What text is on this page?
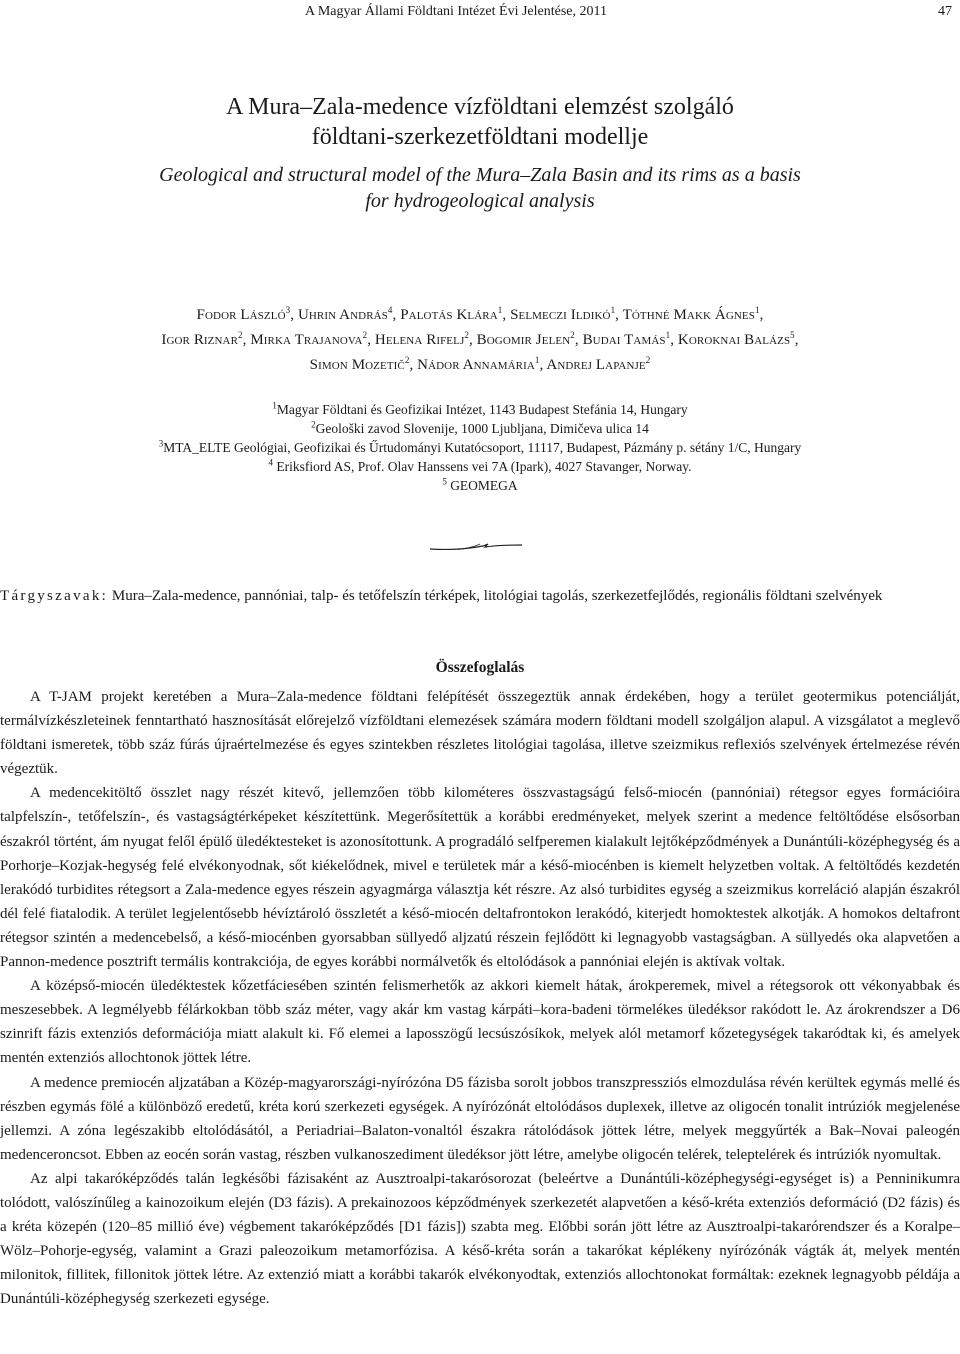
A Magyar Állami Földtani Intézet Évi Jelentése, 2011	47
A Mura–Zala-medence vízföldtani elemzést szolgáló
földtani-szerkezetföldtani modellje
Geological and structural model of the Mura–Zala Basin and its rims as a basis
for hydrogeological analysis
Fodor László$^3$, Uhrin András$^4$, Palotás Klára$^1$, Selmeczi Ildikó$^1$, Tóthné Makk Ágnes$^1$,
Igor Riznar$^2$, Mirka Trajanova$^2$, Helena Rifelj$^2$, Bogomir Jelen$^2$, Budai Tamás$^1$, Koroknai Balázs$^5$,
Simon Mozetič$^2$, Nádor Annamária$^1$, Andrej Lapanje$^2$
$^1$Magyar Földtani és Geofizikai Intézet, 1143 Budapest Stefánia 14, Hungary
$^2$Geološki zavod Slovenije, 1000 Ljubljana, Dimičeva ulica 14
$^3$MTA_ELTE Geológiai, Geofizikai és Űrtudományi Kutatócsoport, 11117, Budapest, Pázmány p. sétány 1/C, Hungary
$^4$ Eriksfiord AS, Prof. Olav Hanssens vei 7A (Ipark), 4027 Stavanger, Norway.
$^5$ GEOMEGA
Tárgyszavak: Mura–Zala-medence, pannóniai, talp- és tetőfelszín térképek, litológiai tagolás, szerkezetfejlődés, regionális földtani szelvények
Összefoglalás

A T-JAM projekt keretében a Mura–Zala-medence földtani felépítését összegeztük annak érdekében, hogy a terület geotermikus potenciálját, termálvízkészleteinek fenntartható hasznosítását előrejelző vízföldtani elemezések számára modern földtani modell szolgáljon alapul. A vizsgálatot a meglevő földtani ismeretek, több száz fúrás újraértelmezése és egyes szintekben részletes litológiai tagolása, illetve szeizmikus reflexiós szelvények értelmezése révén végeztük.

A medencekitöltő összlet nagy részét kitevő, jellemzően több kilométeres összvastagságú felső-miocén (pannóniai) rétegsor egyes formációira talpfelszín-, tetőfelszín-, és vastagságtérképeket készítettünk. Megerősítettük a korábbi eredményeket, melyek szerint a medence feltöltődése elsősorban északról történt, ám nyugat felől épülő üledéktesteket is azonosítottunk. A progradáló selfperemen kialakult lejtőképződmények a Dunántúli-középhegység és a Porhorje–Kozjak-hegység felé elvékonyodnak, sőt kiékelődnek, mivel e területek már a késő-miocénben is kiemelt helyzetben voltak. A feltöltődés kezdetén lerakódó turbidites rétegsort a Zala-medence egyes részein agyagmárga választja két részre. Az alsó turbidites egység a szeizmikus korreláció alapján északról dél felé fiatalodik. A terület legjelentősebb hévíztároló összletét a késő-miocén deltafrontokon lerakódó, kiterjedt homoktestek alkotják. A homokos deltafront rétegsor szintén a medencebelső, a késő-miocénben gyorsabban süllyedő aljzatú részein fejlődött ki legnagyobb vastagságban. A süllyedés oka alapvetően a Pannon-medence posztrift termális kontrakciója, de egyes korábbi normálvetők és eltolódások a pannóniai elején is aktívak voltak.

A középső-miocén üledéktestek kőzetfáciesében szintén felismerhetők az akkori kiemelt hátak, árokperemek, mivel a rétegsorok ott vékonyabbak és meszesebbek. A legmélyebb félárkokban több száz méter, vagy akár km vastag kárpáti–kora-badeni törmelékes üledéksor rakódott le. Az árokrendszer a D6 szinrift fázis extenziós deformációja miatt alakult ki. Fő elemei a laposszögű lecsúszósíkok, melyek alól metamorf kőzetegységek takaródtak ki, és amelyek mentén extenziós allochtonok jöttek létre.

A medence premiocén aljzatában a Közép-magyarországi-nyírózóna D5 fázisba sorolt jobbos transzpressziós elmozdulása révén kerültek egymás mellé és részben egymás fölé a különböző eredetű, kréta korú szerkezeti egységek. A nyírózónát eltolódásos duplexek, illetve az oligocén tonalit intrúziók megjelenése jellemzi. A zóna legészakibb eltolódásától, a Periadriai–Balaton-vonaltól északra rátolódások jöttek létre, melyek meggyűrték a Bak–Novai paleogén medenceroncsot. Ebben az eocén során vastag, részben vulkanoszediment üledéksor jött létre, amelybe oligocén telérek, teleptelérek és intrúziók nyomultak.

Az alpi takaróképződés talán legkésőbi fázisaként az Ausztroalpi-takarósorozat (beleértve a Dunántúli-középhegységi-egységet is) a Penninikumra tolódott, valószínűleg a kainozoikum elején (D3 fázis). A prekainozoos képződmények szerkezetét alapvetően a késő-kréta extenziós deformáció (D2 fázis) és a kréta közepén (120–85 millió éve) végbement takaróképződés [D1 fázis]) szabta meg. Előbbi során jött létre az Ausztroalpi-takarórendszer és a Koralpe–Wölz–Pohorje-egység, valamint a Grazi paleozoikum metamorfózisa. A késő-kréta során a takarókat képlékeny nyírózónák vágták át, melyek mentén milonitok, fillitek, fillonitok jöttek létre. Az extenzió miatt a korábbi takarók elvékonyodtak, extenziós allochtonokat formáltak: ezeknek legnagyobb példája a Dunántúli-középhegység szerkezeti egysége.
